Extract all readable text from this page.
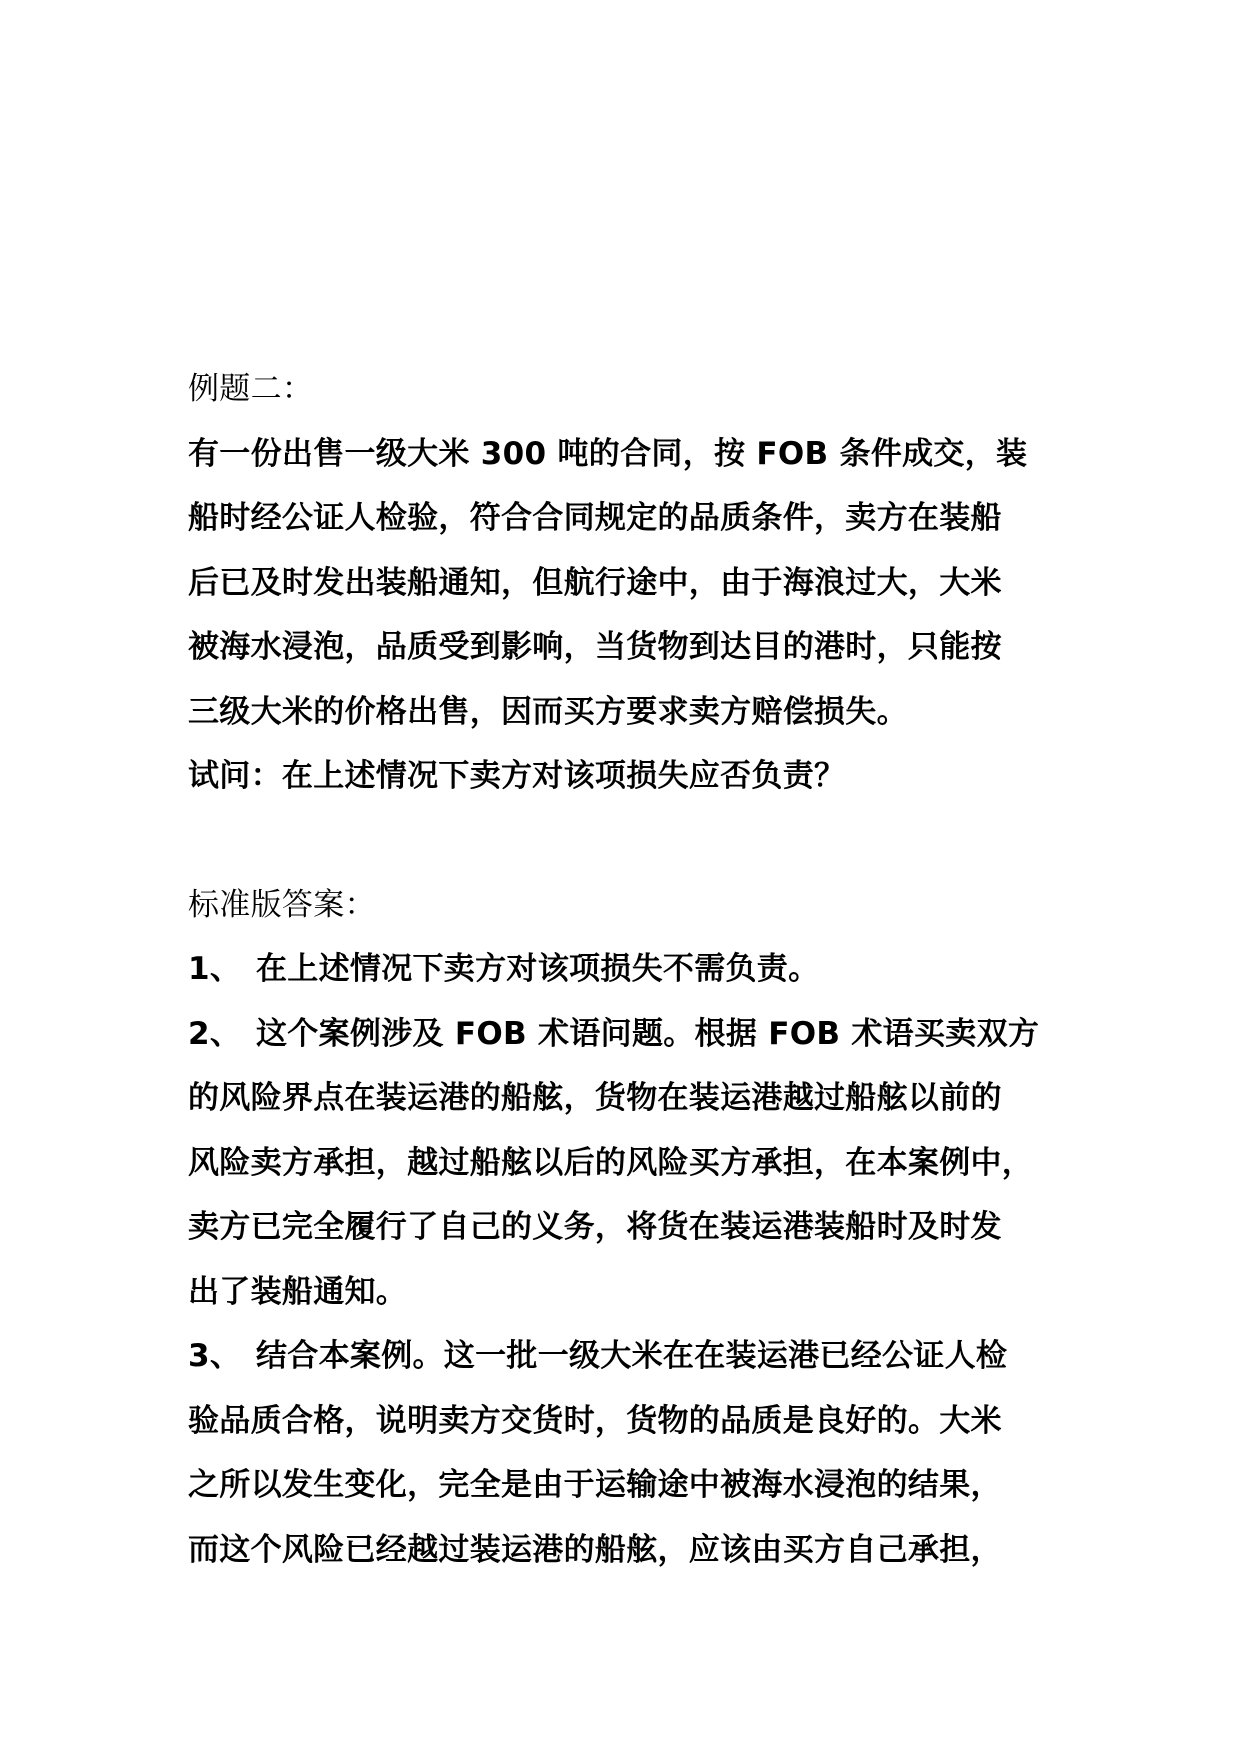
例题二：
有一份出售一级大米 300 吨的合同，按 FOB 条件成交，装
船时经公证人检验，符合合同规定的品质条件，卖方在装船
后已及时发出装船通知，但航行途中，由于海浪过大，大米
被海水浸泡，品质受到影响，当货物到达目的港时，只能按
三级大米的价格出售，因而买方要求卖方赔偿损失。
试问：在上述情况下卖方对该项损失应否负责？
标准版答案：
1、 在上述情况下卖方对该项损失不需负责。
2、 这个案例涉及 FOB 术语问题。根据 FOB 术语买卖双方
的风险界点在装运港的船舷，货物在装运港越过船舷以前的
风险卖方承担，越过船舷以后的风险买方承担，在本案例中，
卖方已完全履行了自己的义务，将货在装运港装船时及时发
出了装船通知。
3、 结合本案例。这一批一级大米在在装运港已经公证人检
验品质合格，说明卖方交货时，货物的品质是良好的。大米
之所以发生变化，完全是由于运输途中被海水浸泡的结果，
而这个风险已经越过装运港的船舷，应该由买方自己承担，
